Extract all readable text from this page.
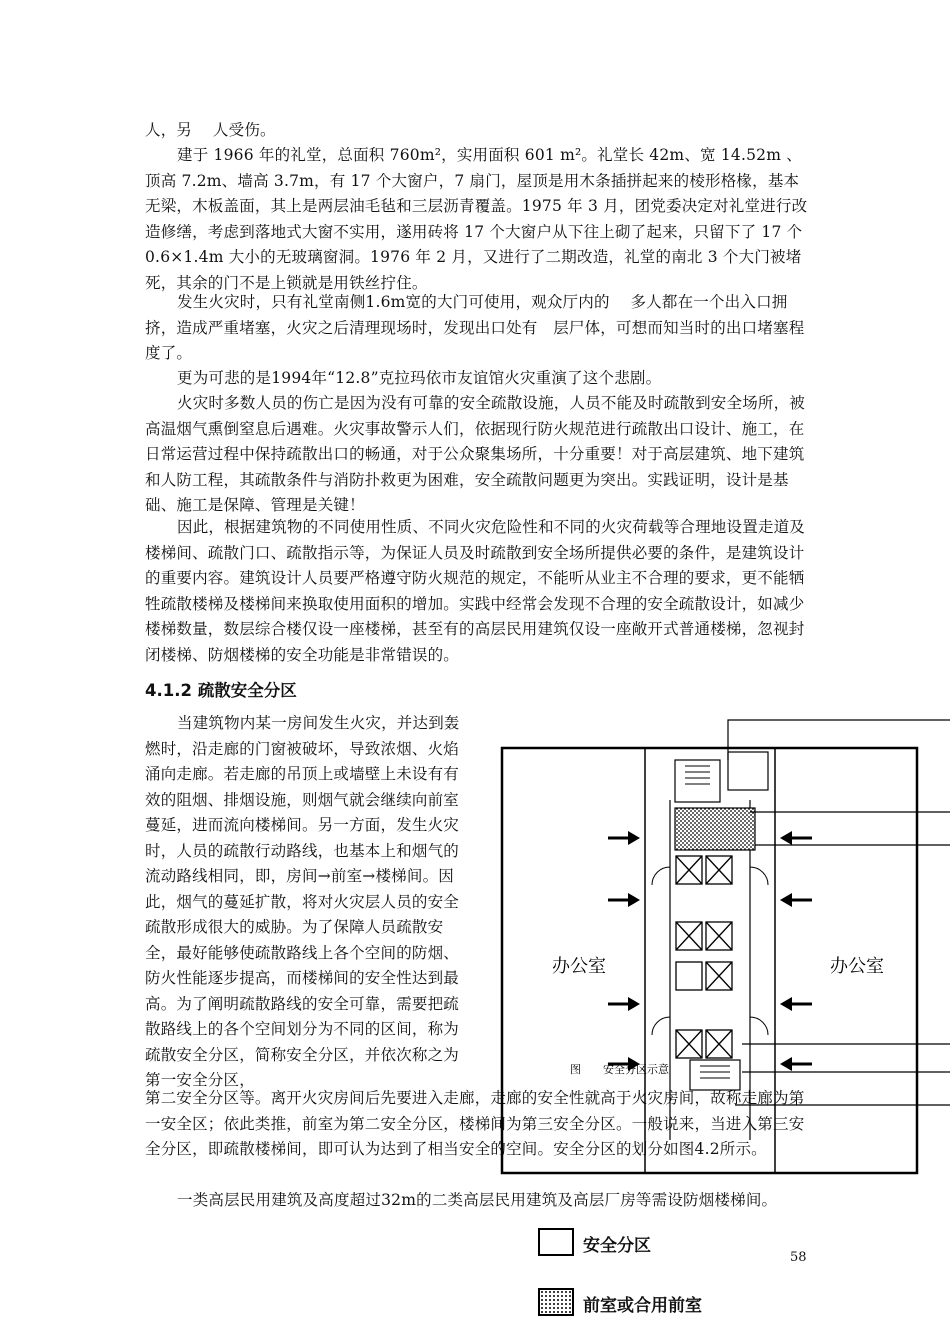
人，另　 人受伤。
建于 1966 年的礼堂，总面积 760m²，实用面积 601 m²。礼堂长 42m、宽 14.52m 、顶高 7.2m、墙高 3.7m，有 17 个大窗户，7 扇门，屋顶是用木条插拼起来的棱形格椽，基本无梁，木板盖面，其上是两层油毛毡和三层沥青覆盖。1975 年 3 月，团党委决定对礼堂进行改造修缮，考虑到落地式大窗不实用，遂用砖将 17 个大窗户从下往上砌了起来，只留下了 17 个 0.6×1.4m 大小的无玻璃窗洞。1976 年 2 月，又进行了二期改造，礼堂的南北 3 个大门被堵死，其余的门不是上锁就是用铁丝拧住。
发生火灾时，只有礼堂南侧1.6m宽的大门可使用，观众厅内的　 多人都在一个出入口拥挤，造成严重堵塞，火灾之后清理现场时，发现出口处有　层尸体，可想而知当时的出口堵塞程度了。
更为可悲的是1994年“12.8”克拉玛依市友谊馆火灾重演了这个悲剧。
火灾时多数人员的伤亡是因为没有可靠的安全疏散设施，人员不能及时疏散到安全场所，被高温烟气熏倒窒息后遇难。火灾事故警示人们，依据现行防火规范进行疏散出口设计、施工，在日常运营过程中保持疏散出口的畅通，对于公众聚集场所，十分重要！对于高层建筑、地下建筑和人防工程，其疏散条件与消防扑救更为困难，安全疏散问题更为突出。实践证明，设计是基础、施工是保障、管理是关键！
因此，根据建筑物的不同使用性质、不同火灾危险性和不同的火灾荷载等合理地设置走道及楼梯间、疏散门口、疏散指示等，为保证人员及时疏散到安全场所提供必要的条件，是建筑设计的重要内容。建筑设计人员要严格遵守防火规范的规定，不能听从业主不合理的要求，更不能牺牲疏散楼梯及楼梯间来换取使用面积的增加。实践中经常会发现不合理的安全疏散设计，如减少楼梯数量，数层综合楼仅设一座楼梯，甚至有的高层民用建筑仅设一座敞开式普通楼梯，忽视封闭楼梯、防烟楼梯的安全功能是非常错误的。
4.1.2 疏散安全分区
当建筑物内某一房间发生火灾，并达到轰燃时，沿走廊的门窗被破坏，导致浓烟、火焰涌向走廊。若走廊的吊顶上或墙壁上未设有有效的阻烟、排烟设施，则烟气就会继续向前室蔓延，进而流向楼梯间。另一方面，发生火灾时，人员的疏散行动路线，也基本上和烟气的流动路线相同，即，房间→前室→楼梯间。因此，烟气的蔓延扩散，将对火灾层人员的安全疏散形成很大的威胁。为了保障人员疏散安全，最好能够使疏散路线上各个空间的防烟、防火性能逐步提高，而楼梯间的安全性达到最高。为了阐明疏散路线的安全可靠，需要把疏散路线上的各个空间划分为不同的区间，称为疏散安全分区，简称安全分区，并依次称之为第一安全分区，
第二安全分区等。离开火灾房间后先要进入走廊，走廊的安全性就高于火灾房间，故称走廊为第一安全区；依此类推，前室为第二安全分区，楼梯间为第三安全分区。一般说来，当进入第三安全分区，即疏散楼梯间，即可认为达到了相当安全的空间。安全分区的划分如图4.2所示。
一类高层民用建筑及高度超过32m的二类高层民用建筑及高层厂房等需设防烟楼梯间。
办公室	办公室
图　　安全分区示意
安全分区
前室或合用前室
58
